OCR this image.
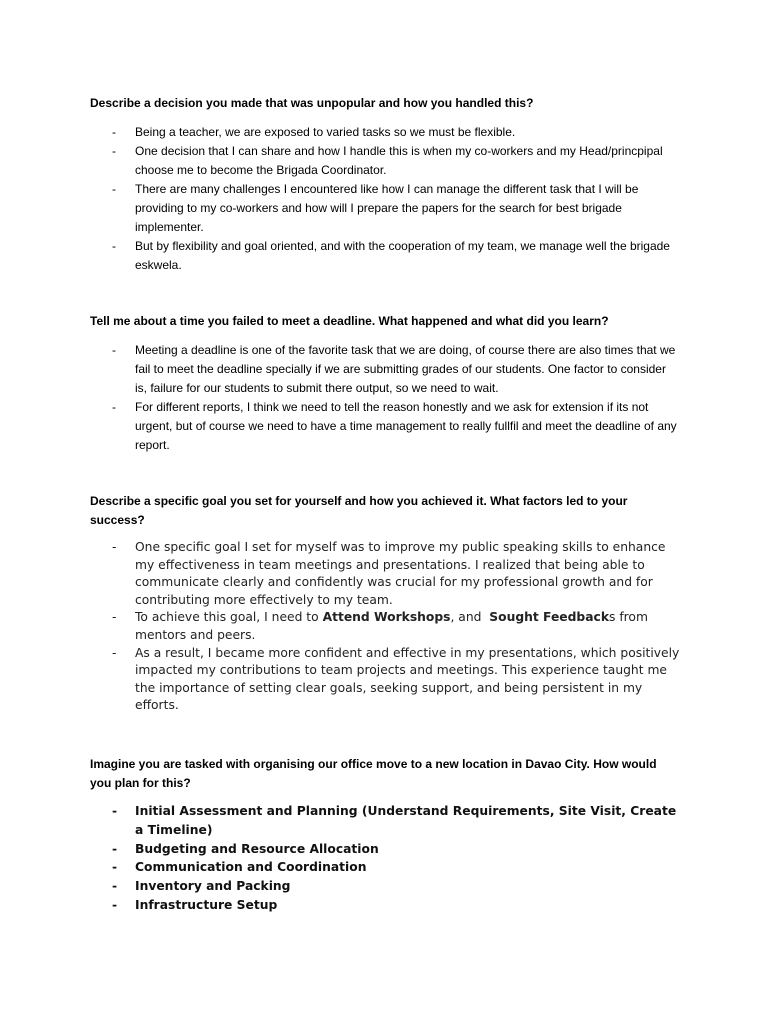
Describe a decision you made that was unpopular and how you handled this?

- Being a teacher, we are exposed to varied tasks so we must be flexible.
- One decision that I can share and how I handle this is when my co-workers and my Head/princpipal choose me to become the Brigada Coordinator.
- There are many challenges I encountered like how I can manage the different task that I will be providing to my co-workers and how will I prepare the papers for the search for best brigade implementer.
- But by flexibility and goal oriented, and with the cooperation of my team, we manage well the brigade eskwela.

Tell me about a time you failed to meet a deadline. What happened and what did you learn?

- Meeting a deadline is one of the favorite task that we are doing, of course there are also times that we fail to meet the deadline specially if we are submitting grades of our students. One factor to consider is, failure for our students to submit there output, so we need to wait.
- For different reports, I think we need to tell the reason honestly and we ask for extension if its not urgent, but of course we need to have a time management to really fullfil and meet the deadline of any report.

Describe a specific goal you set for yourself and how you achieved it. What factors led to your success?

- One specific goal I set for myself was to improve my public speaking skills to enhance my effectiveness in team meetings and presentations. I realized that being able to communicate clearly and confidently was crucial for my professional growth and for contributing more effectively to my team.
- To achieve this goal, I need to Attend Workshops, and  Sought Feedbacks from mentors and peers.
- As a result, I became more confident and effective in my presentations, which positively impacted my contributions to team projects and meetings. This experience taught me the importance of setting clear goals, seeking support, and being persistent in my efforts.

Imagine you are tasked with organising our office move to a new location in Davao City. How would you plan for this?

- Initial Assessment and Planning (Understand Requirements, Site Visit, Create a Timeline)
- Budgeting and Resource Allocation
- Communication and Coordination
- Inventory and Packing
- Infrastructure Setup
